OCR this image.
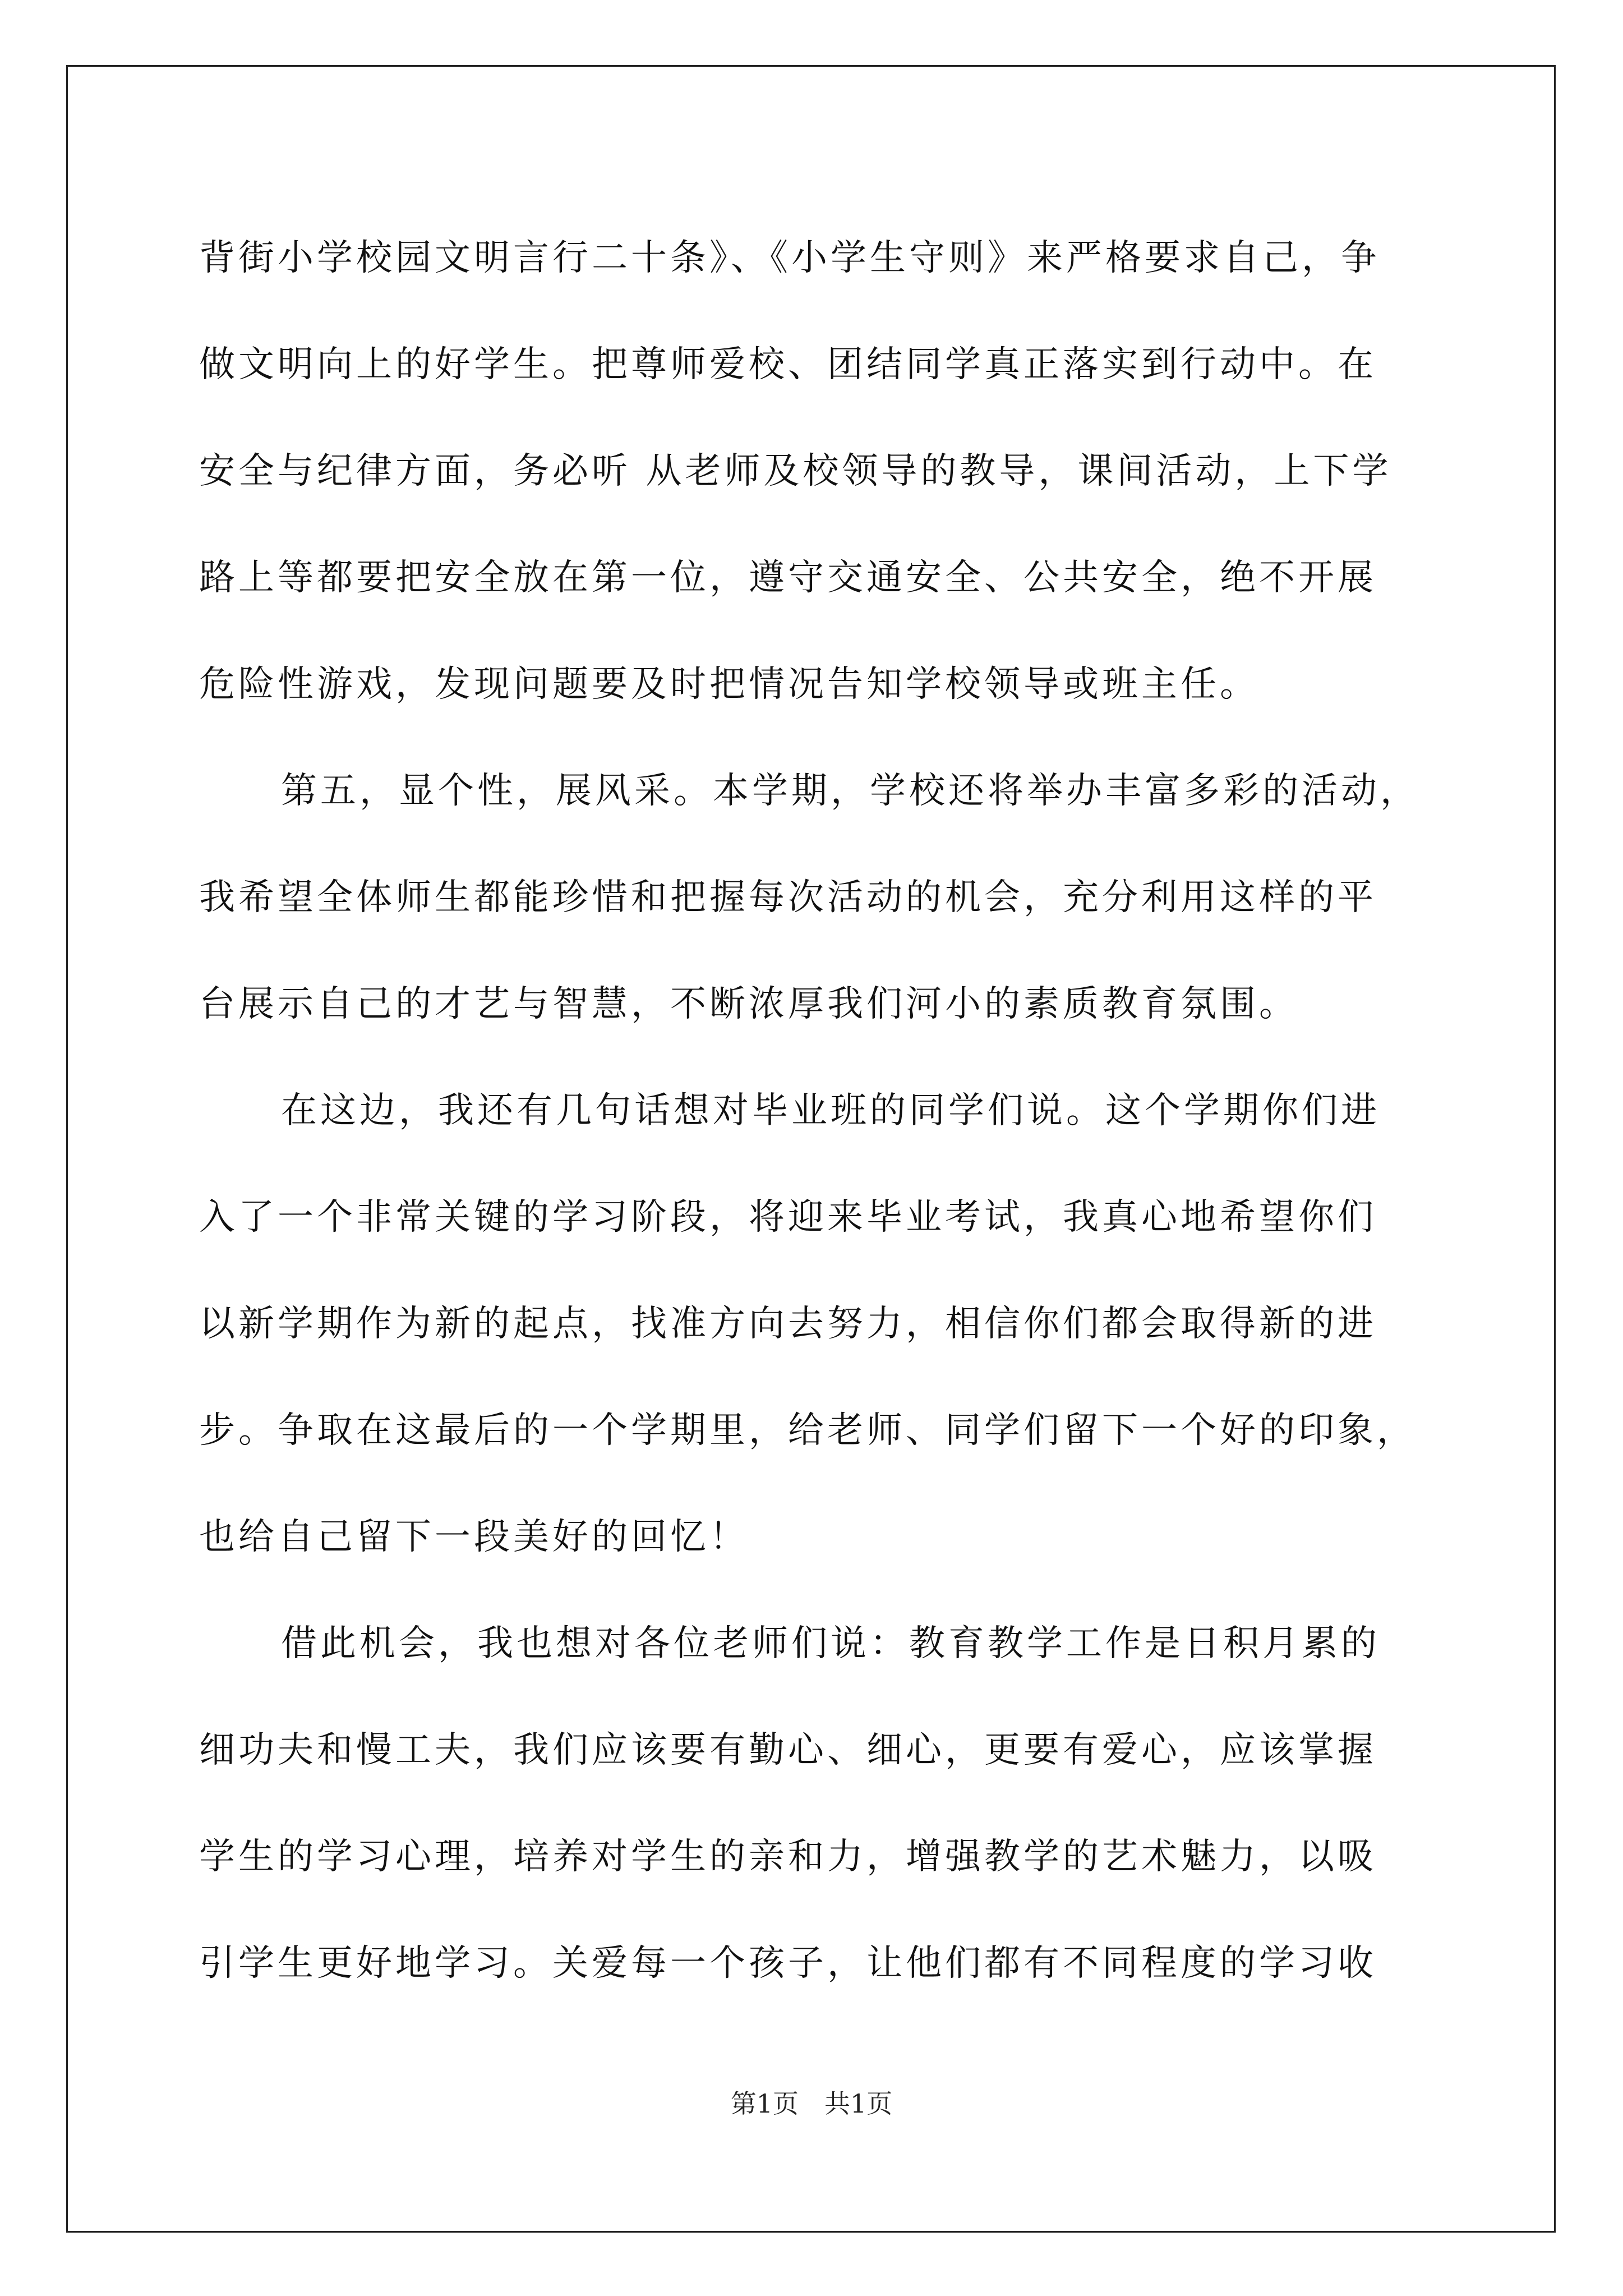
背街小学校园文明言行二十条》、《小学生守则》来严格要求自己，争
做文明向上的好学生。把尊师爱校、团结同学真正落实到行动中。在
安全与纪律方面，务必听 从老师及校领导的教导，课间活动，上下学
路上等都要把安全放在第一位，遵守交通安全、公共安全，绝不开展
危险性游戏，发现问题要及时把情况告知学校领导或班主任。
第五，显个性，展风采。本学期，学校还将举办丰富多彩的活动，
我希望全体师生都能珍惜和把握每次活动的机会，充分利用这样的平
台展示自己的才艺与智慧，不断浓厚我们河小的素质教育氛围。
在这边，我还有几句话想对毕业班的同学们说。这个学期你们进
入了一个非常关键的学习阶段，将迎来毕业考试，我真心地希望你们
以新学期作为新的起点，找准方向去努力，相信你们都会取得新的进
步。争取在这最后的一个学期里，给老师、同学们留下一个好的印象，
也给自己留下一段美好的回忆！
借此机会，我也想对各位老师们说：教育教学工作是日积月累的
细功夫和慢工夫，我们应该要有勤心、细心，更要有爱心，应该掌握
学生的学习心理，培养对学生的亲和力，增强教学的艺术魅力，以吸
引学生更好地学习。关爱每一个孩子，让他们都有不同程度的学习收
第1页　共1页
